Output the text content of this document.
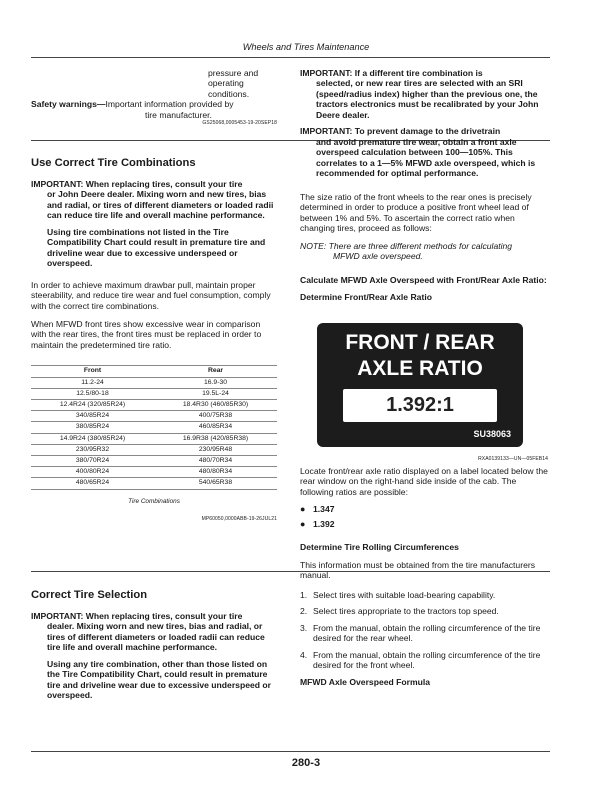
Wheels and Tires Maintenance
pressure and
operating
conditions.
Safety warnings—Important information provided by
tire manufacturer.
GS25068,0005453-19-20SEP18
Use Correct Tire Combinations
IMPORTANT: When replacing tires, consult your tire
or John Deere dealer. Mixing worn and new tires, bias and radial, or tires of different diameters or loaded radii can reduce tire life and overall machine performance.
Using tire combinations not listed in the Tire Compatibility Chart could result in premature tire and driveline wear due to excessive underspeed or overspeed.

In order to achieve maximum drawbar pull, maintain proper steerability, and reduce tire wear and fuel consumption, comply with the correct tire combinations.

When MFWD front tires show excessive wear in comparison with the rear tires, the front tires must be replaced in order to maintain the predetermined tire ratio.

Front	Rear
11.2-24	16.9-30
12.5/80-18	19.5L-24
12.4R24 (320/85R24)	18.4R30 (460/85R30)
340/85R24	400/75R38
380/85R24	460/85R34
14.9R24 (380/85R24)	16.9R38 (420/85R38)
230/95R32	230/95R48
380/70R24	480/70R34
400/80R24	480/80R34
480/65R24	540/65R38
Tire Combinations
MP60050,0000ABB-19-26JUL21
Correct Tire Selection
IMPORTANT: When replacing tires, consult your tire
dealer. Mixing worn and new tires, bias and radial, or tires of different diameters or loaded radii can reduce tire life and overall machine performance.
Using any tire combination, other than those listed on the Tire Compatibility Chart, could result in premature tire and driveline wear due to excessive underspeed or overspeed.
IMPORTANT: If a different tire combination is
selected, or new rear tires are selected with an SRI (speed/radius index) higher than the previous one, the tractors electronics must be recalibrated by your John Deere dealer.
IMPORTANT: To prevent damage to the drivetrain
and avoid premature tire wear, obtain a front axle overspeed calculation between 100—105%. This correlates to a 1—5% MFWD axle overspeed, which is recommended for optimal performance.

The size ratio of the front wheels to the rear ones is precisely determined in order to produce a positive front wheel lead of between 1% and 5%. To ascertain the correct ratio when changing tires, proceed as follows:

NOTE: There are three different methods for calculating
MFWD axle overspeed.
Calculate MFWD Axle Overspeed with Front/Rear Axle Ratio:
Determine Front/Rear Axle Ratio
FRONT / REAR
AXLE RATIO
1.392:1
SU38063
RXA0139133—UN—05FEB14

Locate front/rear axle ratio displayed on a label located below the rear window on the right-hand side inside of the cab. The following ratios are possible:

● 1.347
● 1.392
Determine Tire Rolling Circumferences

This information must be obtained from the tire manufacturers manual.

1. Select tires with suitable load-bearing capability.
2. Select tires appropriate to the tractors top speed.
3. From the manual, obtain the rolling circumference of the tire desired for the rear wheel.
4. From the manual, obtain the rolling circumference of the tire desired for the front wheel.
MFWD Axle Overspeed Formula
280-3
